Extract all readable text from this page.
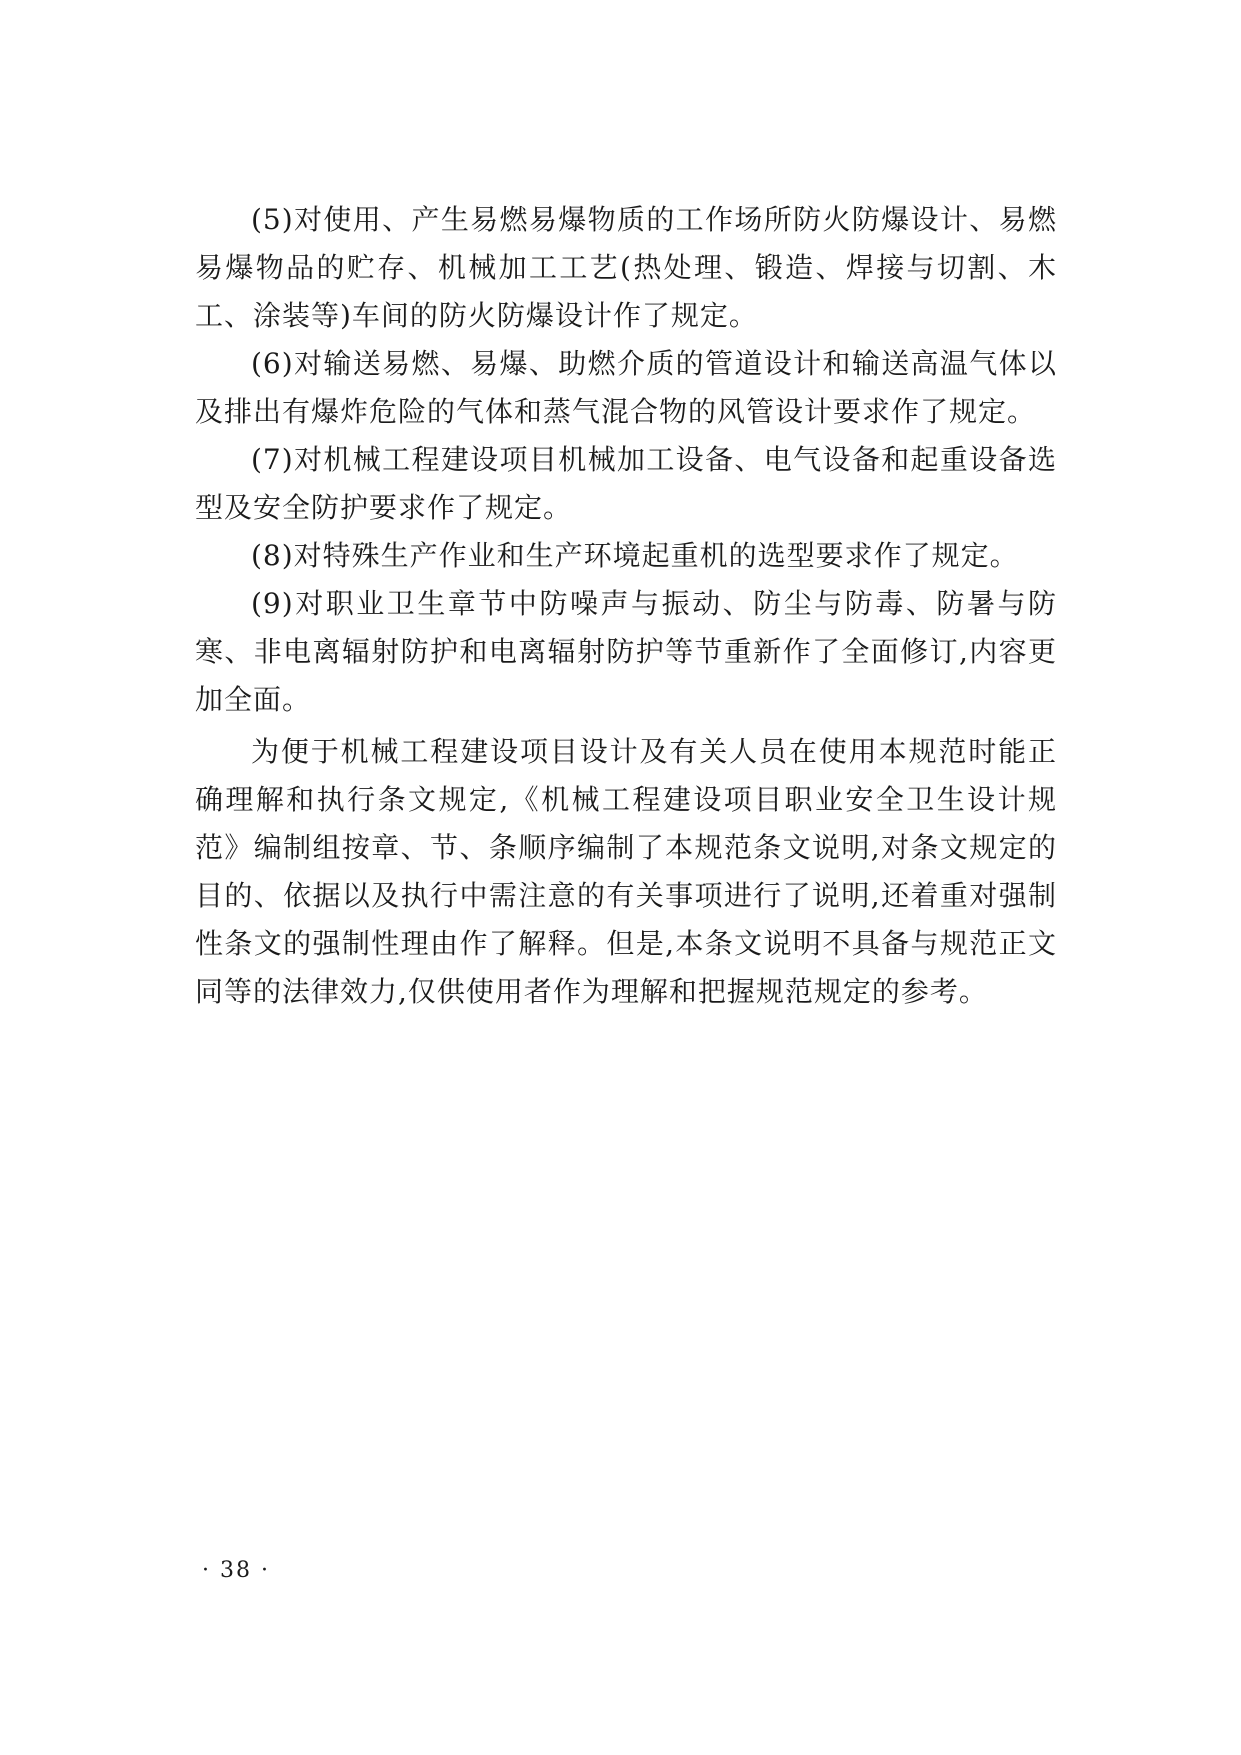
(5)对使用、产生易燃易爆物质的工作场所防火防爆设计、易燃易爆物品的贮存、机械加工工艺(热处理、锻造、焊接与切割、木工、涂装等)车间的防火防爆设计作了规定。

(6)对输送易燃、易爆、助燃介质的管道设计和输送高温气体以及排出有爆炸危险的气体和蒸气混合物的风管设计要求作了规定。

(7)对机械工程建设项目机械加工设备、电气设备和起重设备选型及安全防护要求作了规定。

(8)对特殊生产作业和生产环境起重机的选型要求作了规定。

(9)对职业卫生章节中防噪声与振动、防尘与防毒、防暑与防寒、非电离辐射防护和电离辐射防护等节重新作了全面修订,内容更加全面。

为便于机械工程建设项目设计及有关人员在使用本规范时能正确理解和执行条文规定,《机械工程建设项目职业安全卫生设计规范》编制组按章、节、条顺序编制了本规范条文说明,对条文规定的目的、依据以及执行中需注意的有关事项进行了说明,还着重对强制性条文的强制性理由作了解释。但是,本条文说明不具备与规范正文同等的法律效力,仅供使用者作为理解和把握规范规定的参考。

· 38 ·
